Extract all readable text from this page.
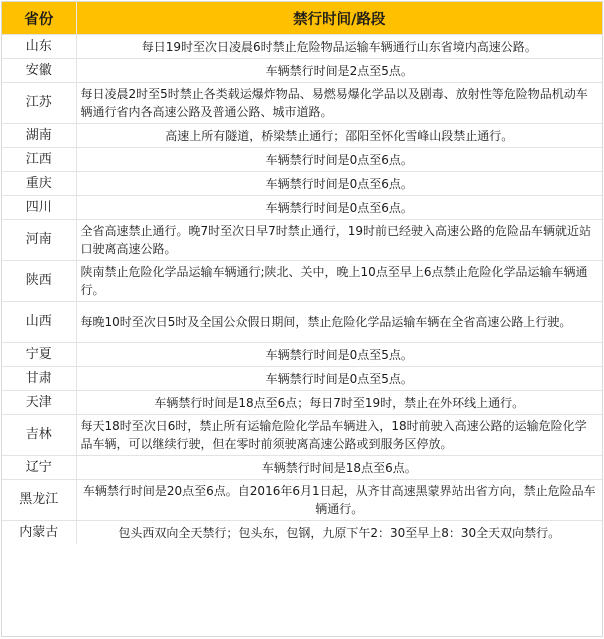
省份	禁行时间/路段
山东	每日19时至次日凌晨6时禁止危险物品运输车辆通行山东省境内高速公路。
安徽	车辆禁行时间是2点至5点。
江苏	每日凌晨2时至5时禁止各类载运爆炸物品、易燃易爆化学品以及剧毒、放射性等危险物品机动车辆通行省内各高速公路及普通公路、城市道路。
湖南	高速上所有隧道，桥梁禁止通行；邵阳至怀化雪峰山段禁止通行。
江西	车辆禁行时间是0点至6点。
重庆	车辆禁行时间是0点至6点。
四川	车辆禁行时间是0点至6点。
河南	全省高速禁止通行。晚7时至次日早7时禁止通行，19时前已经驶入高速公路的危险品车辆就近站口驶离高速公路。
陕西	陕南禁止危险化学品运输车辆通行;陕北、关中，晚上10点至早上6点禁止危险化学品运输车辆通行。
山西	每晚10时至次日5时及全国公众假日期间，禁止危险化学品运输车辆在全省高速公路上行驶。
宁夏	车辆禁行时间是0点至5点。
甘肃	车辆禁行时间是0点至5点。
天津	车辆禁行时间是18点至6点；每日7时至19时，禁止在外环线上通行。
吉林	每天18时至次日6时，禁止所有运输危险化学品车辆进入，18时前驶入高速公路的运输危险化学品车辆，可以继续行驶，但在零时前须驶离高速公路或到服务区停放。
辽宁	车辆禁行时间是18点至6点。
黑龙江	车辆禁行时间是20点至6点。自2016年6月1日起，从齐甘高速黑蒙界站出省方向，禁止危险品车辆通行。
内蒙古	包头西双向全天禁行；包头东，包钢，九原下午2：30至早上8：30全天双向禁行。
